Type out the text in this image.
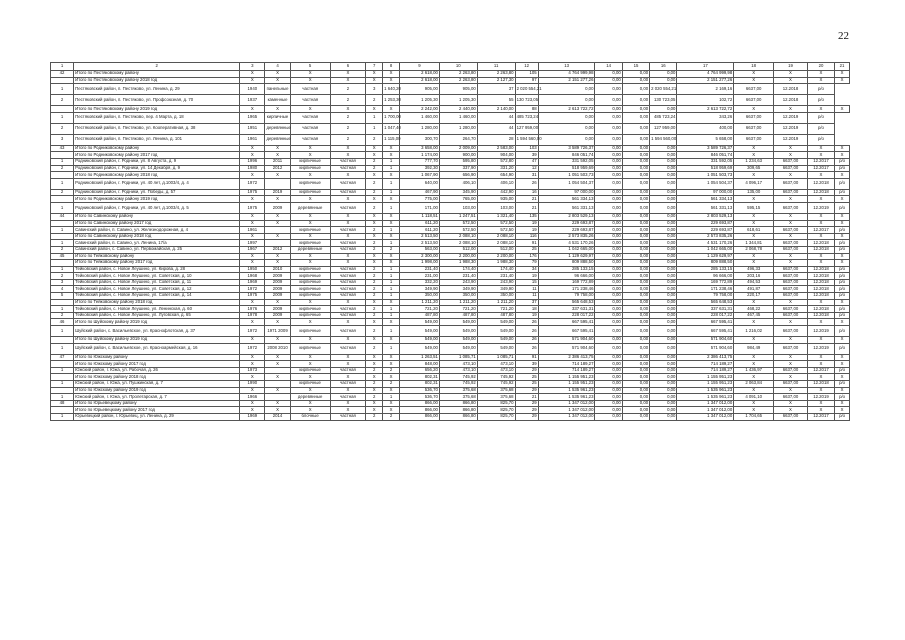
22
1	2	3	4	5	6	7	8	9	10	11	12	13	14	15	16	17	18	19	20	21
42	Итого по Пестяковскому району	X	X	X	X	X	X	2 618,00	2 263,80	2 263,80	105	4 764 999,98	0,00	0,00	0,00	4 764 999,98	X	X	X	X
	Итого по Пестяковскому району 2018 год	X	X	X	X	X	X	2 618,00	2 263,80	2 127,30	97	2 151 277,26	0,00	0,00	0,00	2 151 277,26	X	X	X	X
1	Пестяковский район, п. Пестяково, ул. Ленина, д. 29	1940	панельные	частная	2	3	1 640,20	905,00	905,00	37	2 020 554,21	0,00	0,00	0,00	2 020 554,21	2 169,16	6637,00	12.2018	р/о	
2	Пестяковский район, п. Пестяково, ул. Профсоюзная, д. 70	1937	каменные	частная	2	2	1 253,30	1 205,30	1 205,30	55	130 723,05	0,00	0,00	0,00	130 723,05	102,72	6637,00	12.2018	р/о	
	Итого по Пестяковскому району 2019 год	X	X	X	X	X	X	2 242,00	2 440,00	2 140,00	88	2 613 722,72	0,00	0,00	0,00	2 613 722,72	X	X	X	X
1	Пестяковский район, п. Пестяково, пер. 4 Марта, д. 18	1965	кирпичные	частная	2	1	1 700,00	1 460,00	1 460,00	44	485 723,24	0,00	0,00	0,00	485 723,24	343,26	6637,00	12.2019	р/о	
2	Пестяковский район, п. Пестяково, ул. Кооперативная, д. 38	1951	деревянные	частная	2	1	1 047,40	1 280,00	1 280,00	44	127 959,00	0,00	0,00	0,00	127 959,00	400,00	6637,00	12.2019	р/о	
3	Пестяковский район, п. Пестяково, ул. Ленина, д. 101	1961	деревянные	частная	2	2	1 115,00	300,70	264,70	28	1 594 560,00	0,00	0,00	0,00	1 594 560,00	5 658,00	6637,00	12.2019	р/о	
43	Итого по Родниковскому району	X	X	X	X	X	X	3 658,00	2 009,00	2 583,00	103	3 589 726,37	0,00	0,00	0,00	3 589 726,37	X	X	X	X
	Итого по Родниковскому району 2017 год	X	X	X	X	X	X	1 174,00	900,00	904,00	39	846 051,74	0,00	0,00	0,00	846 051,74	X	X	X	X
1	Родниковский район, г. Родники, ул. 8 Августа, д. 9	1996	2011	кирпичные	частная	2	1	777,70	595,80	572,80	47	331 592,05	0,00	0,00	0,00	331 592,05	1 234,63	6637,00	12.2017	р/о
2	Родниковский район, г. Родники, ул. 14 Декабря, д. 9	1980	2012	кирпичные	частная	2	1	392,30	337,90	331,20	12	518 959,69	0,00	0,00	0,00	518 959,69	309,65	6637,00	12.2017	р/о
	Итого по Родниковскому району 2018 год	X	X	X	X	X	X	1 067,90	656,90	654,90	31	1 051 503,73	0,00	0,00	0,00	1 051 503,73	X	X	X	X
1	Родниковский район, г. Родники, ул. 40 лет, д.1003/4, д. 4	1972		кирпичные	частная	2	1	640,00	406,10	406,10	26	1 054 504,37	0,00	0,00	0,00	1 054 504,37	4 096,17	6637,00	12.2018	р/о
2	Родниковский район, г. Родники, ул. Победы, д. 57	1975	2019	кирпичные	частная	2	1	467,90	345,90	442,90	16	97 000,00	0,00	0,00	0,00	97 000,00	135,00	6637,00	12.2018	р/о
	Итого по Родниковскому району 2019 год	X	X	X	X	X	X	775,00	765,00	935,00	21	561 334,13	0,00	0,00	0,00	561 334,13	X	X	X	X
1	Родниковский район, г. Родники, ул. 40 лет, д.1003/4, д. 5	1975	2009	деревянные	частная	2	1	171,00	103,00	103,00	21	561 331,13	0,00	0,00	0,00	561 331,13	595,15	6637,00	12.2019	р/о
44	Итого по Савинскому району	X	X	X	X	X	X	1 118,51	1 247,51	1 321,40	135	2 803 529,13	0,00	0,00	0,00	2 803 529,13	X	X	X	X
	Итого по Савинскому району 2017 год	X	X	X	X	X	X	611,20	572,50	572,50	19	229 693,87	0,00	0,00	0,00	229 693,87	X	X	X	X
1	Савинский район, п. Савино, ул. Железнодорожная, д. 4	1961		кирпичные	частная	2	1	611,20	572,50	572,50	19	229 693,87	0,00	0,00	0,00	229 693,87	618,61	6637,00	12.2017	р/о
	Итого по Савинскому району 2018 год	X	X	X	X	X	X	2 513,50	2 088,10	2 088,10	116	2 573 835,26	0,00	0,00	0,00	2 573 835,26	X	X	X	X
1	Савинский район, п. Савино, ул. Ленина, 17/а	1997		кирпичные	частная	2	1	2 513,50	2 088,10	2 088,10	91	4 531 170,26	0,00	0,00	0,00	4 531 170,26	1 344,81	6637,00	12.2018	р/о
2	Савинский район, с. Савино, ул. Первомайская, д. 25	1967	2012	деревянные	частная	2	2	563,00	512,00	512,00	25	1 042 665,00	0,00	0,00	0,00	1 042 665,00	2 068,78	6637,00	12.2018	р/о
45	Итого по Тейковскому району	X	X	X	X	X	X	2 300,00	2 200,00	2 200,00	176	1 129 629,97	0,00	0,00	0,00	1 129 629,97	X	X	X	X
	Итого по Тейковскому району 2017 год	X	X	X	X	X	X	1 998,00	1 988,30	1 988,30	79	809 888,50	0,00	0,00	0,00	809 888,50	X	X	X	X
1	Тейковский район, с. Новое Леушино, ул. Кирова, д. 28	1950	2010	кирпичные	частная	2	1	231,40	174,40	174,40	34	285 133,15	0,00	0,00	0,00	285 133,15	496,33	6637,00	12.2018	р/о
2	Тейковский район, с. Новое Леушино, ул. Советская, д. 10	1968	2009	кирпичные	частная	2	1	231,00	231,40	231,40	19	96 666,00	0,00	0,00	0,00	96 666,00	203,16	6637,00	12.2018	р/о
3	Тейковский район, с. Новое Леушино, ул. Советская, д. 11	1969	2009	кирпичные	частная	2	1	332,20	243,90	243,90	15	169 772,89	0,00	0,00	0,00	169 772,89	494,53	6637,00	12.2018	р/о
4	Тейковский район, с. Новое Леушино, ул. Советская, д. 12	1972	2009	кирпичные	частная	2	1	349,90	349,90	349,90	11	171 238,46	0,00	0,00	0,00	171 238,46	491,87	6637,00	12.2018	р/о
5	Тейковский район, с. Новое Леушино, ул. Советская, д. 14	1975	2009	кирпичные	частная	2	1	350,00	350,00	350,00	11	79 758,00	0,00	0,00	0,00	79 758,00	220,17	6637,00	12.2018	р/о
	Итого по Тейковскому району 2018 год	X	X	X	X	X	X	1 211,20	1 211,20	1 211,20	37	565 648,53	0,00	0,00	0,00	565 648,53	X	X	X	X
1	Тейковский район, с. Новое Леушино, ул. Ленинская, д. 60	1976	2009	кирпичные	частная	2	1	721,20	721,20	721,20	18	337 631,31	0,00	0,00	0,00	337 631,31	468,22	6637,00	12.2018	р/о
2	Тейковский район, с. Новое Леушино, ул. Луговская, д. 65	1978	2009	кирпичные	частная	2	1	487,80	487,80	487,80	19	228 017,22	0,00	0,00	0,00	228 017,22	467,45	6637,00	12.2018	р/о
46	Итого по Шуйскому району 2019 год	X	X	X	X	X	X	549,00	549,00	549,00	26	667 595,41	0,00	0,00	0,00	667 595,41	X	X	X	X
1	Шуйский район, с. Васильевское, ул. Краснофлотская, д. 37	1972	1971 2009	кирпичные	частная	2	1	549,00	549,00	549,00	26	667 595,41	0,00	0,00	0,00	667 595,41	1 216,02	6637,00	12.2019	р/о
	Итого по Шуйскому району 2019 год	X	X	X	X	X	X	549,00	549,00	549,00	26	571 904,60	0,00	0,00	0,00	571 904,60	X	X	X	X
1	Шуйский район, с. Васильевское, ул. Красноармейская, д. 16	1972	2008 2010	кирпичные	частная	2	1	549,00	549,00	549,00	26	571 904,60	0,00	0,00	0,00	571 904,60	984,49	6637,00	12.2019	р/о
47	Итого по Южскому району	X	X	X	X	X	X	1 263,51	1 085,71	1 085,71	91	2 386 413,75	0,00	0,00	0,00	2 386 413,75	X	X	X	X
	Итого по Южскому району 2017 год	X	X	X	X	X	X	848,00	473,10	473,10	39	714 189,27	0,00	0,00	0,00	714 189,27	X	X	X	X
1	Южский район, г. Южа, ул. Рабочая, д. 26	1973		кирпичные	частная	2	2	656,20	473,10	473,10	29	714 189,27	0,00	0,00	0,00	714 189,27	1 436,97	6637,00	12.2017	р/о
	Итого по Южскому району 2018 год	X	X	X	X	X	X	802,31	745,92	745,92	25	1 155 951,23	0,00	0,00	0,00	1 155 951,23	X	X	X	X
1	Южский район, г. Южа, ул. Пушкинская, д. 7	1990		кирпичные	частная	2	2	802,31	745,92	745,92	25	1 155 951,23	0,00	0,00	0,00	1 155 951,23	2 063,84	6637,00	12.2018	р/о
	Итого по Южскому району 2019 год	X	X	X	X	X	X	536,70	375,68	375,68	29	1 535 961,23	0,00	0,00	0,00	1 535 961,23	X	X	X	X
1	Южский район, г. Южа, ул. Пролетарская, д. 7	1966		деревянные	частная	2	1	536,70	375,68	375,68	21	1 535 961,23	0,00	0,00	0,00	1 535 961,23	4 091,10	6637,00	12.2019	р/о
48	Итого по Юрьевецкому району	X	X	X	X	X	X	866,00	866,80	825,70	29	1 347 012,00	0,00	0,00	0,00	1 347 012,00	X	X	X	X
	Итого по Юрьевецкому району 2017 год	X	X	X	X	X	X	866,00	866,80	825,70	29	1 347 012,00	0,00	0,00	0,00	1 347 012,00	X	X	X	X
1	Юрьевецкий район, г. Юрьевец, ул. Ленина, д. 29	1969	2014	блочные	частная	2	2	866,00	866,80	825,70	29	1 347 012,00	0,00	0,00	0,00	1 347 012,00	1 704,65	6637,00	12.2017	р/о
